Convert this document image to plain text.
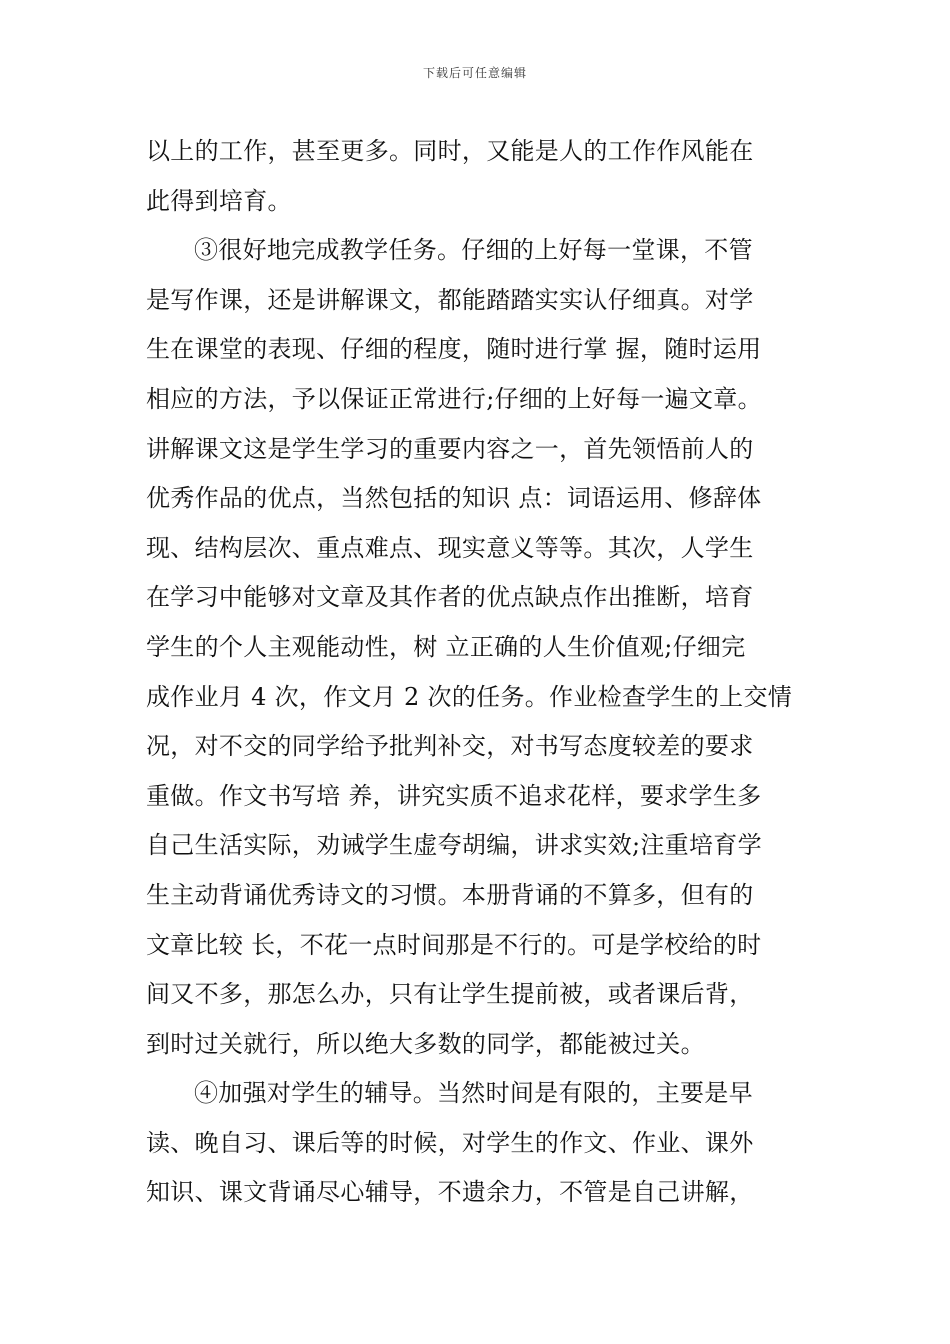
下载后可任意编辑
以上的工作，甚至更多。同时，又能是人的工作作风能在
此得到培育。
③很好地完成教学任务。仔细的上好每一堂课，不管
是写作课，还是讲解课文，都能踏踏实实认仔细真。对学
生在课堂的表现、仔细的程度，随时进行掌 握，随时运用
相应的方法，予以保证正常进行;仔细的上好每一遍文章。
讲解课文这是学生学习的重要内容之一，首先领悟前人的
优秀作品的优点，当然包括的知识 点：词语运用、修辞体
现、结构层次、重点难点、现实意义等等。其次，人学生
在学习中能够对文章及其作者的优点缺点作出推断，培育
学生的个人主观能动性，树 立正确的人生价值观;仔细完
成作业月 4 次，作文月 2 次的任务。作业检查学生的上交情
况，对不交的同学给予批判补交，对书写态度较差的要求
重做。作文书写培 养，讲究实质不追求花样，要求学生多
自己生活实际，劝诫学生虚夸胡编，讲求实效;注重培育学
生主动背诵优秀诗文的习惯。本册背诵的不算多，但有的
文章比较 长，不花一点时间那是不行的。可是学校给的时
间又不多，那怎么办，只有让学生提前被，或者课后背，
到时过关就行，所以绝大多数的同学，都能被过关。
④加强对学生的辅导。当然时间是有限的，主要是早
读、晚自习、课后等的时候，对学生的作文、作业、课外
知识、课文背诵尽心辅导，不遗余力，不管是自己讲解，
